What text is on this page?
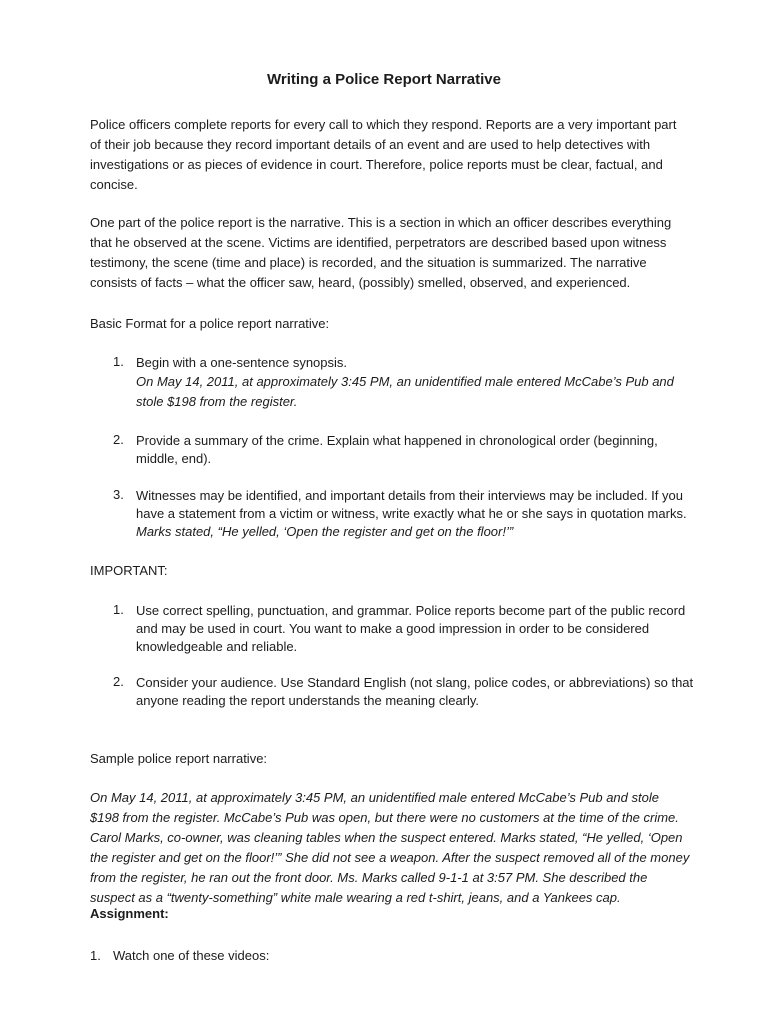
Writing a Police Report Narrative

Police officers complete reports for every call to which they respond. Reports are a very important part of their job because they record important details of an event and are used to help detectives with investigations or as pieces of evidence in court. Therefore, police reports must be clear, factual, and concise.

One part of the police report is the narrative. This is a section in which an officer describes everything that he observed at the scene. Victims are identified, perpetrators are described based upon witness testimony, the scene (time and place) is recorded, and the situation is summarized. The narrative consists of facts – what the officer saw, heard, (possibly) smelled, observed, and experienced.

Basic Format for a police report narrative:

1. Begin with a one-sentence synopsis.

On May 14, 2011, at approximately 3:45 PM, an unidentified male entered McCabe’s Pub and stole $198 from the register.

2. Provide a summary of the crime. Explain what happened in chronological order (beginning, middle, end).

3. Witnesses may be identified, and important details from their interviews may be included. If you have a statement from a victim or witness, write exactly what he or she says in quotation marks.

Marks stated, “He yelled, ‘Open the register and get on the floor!’”

IMPORTANT:

1. Use correct spelling, punctuation, and grammar. Police reports become part of the public record and may be used in court. You want to make a good impression in order to be considered knowledgeable and reliable.

2. Consider your audience. Use Standard English (not slang, police codes, or abbreviations) so that anyone reading the report understands the meaning clearly.

Sample police report narrative:

On May 14, 2011, at approximately 3:45 PM, an unidentified male entered McCabe’s Pub and stole $198 from the register. McCabe’s Pub was open, but there were no customers at the time of the crime. Carol Marks, co-owner, was cleaning tables when the suspect entered. Marks stated, “He yelled, ‘Open the register and get on the floor!’” She did not see a weapon. After the suspect removed all of the money from the register, he ran out the front door. Ms. Marks called 9-1-1 at 3:57 PM. She described the suspect as a “twenty-something” white male wearing a red t-shirt, jeans, and a Yankees cap.

Assignment:

1. Watch one of these videos:
